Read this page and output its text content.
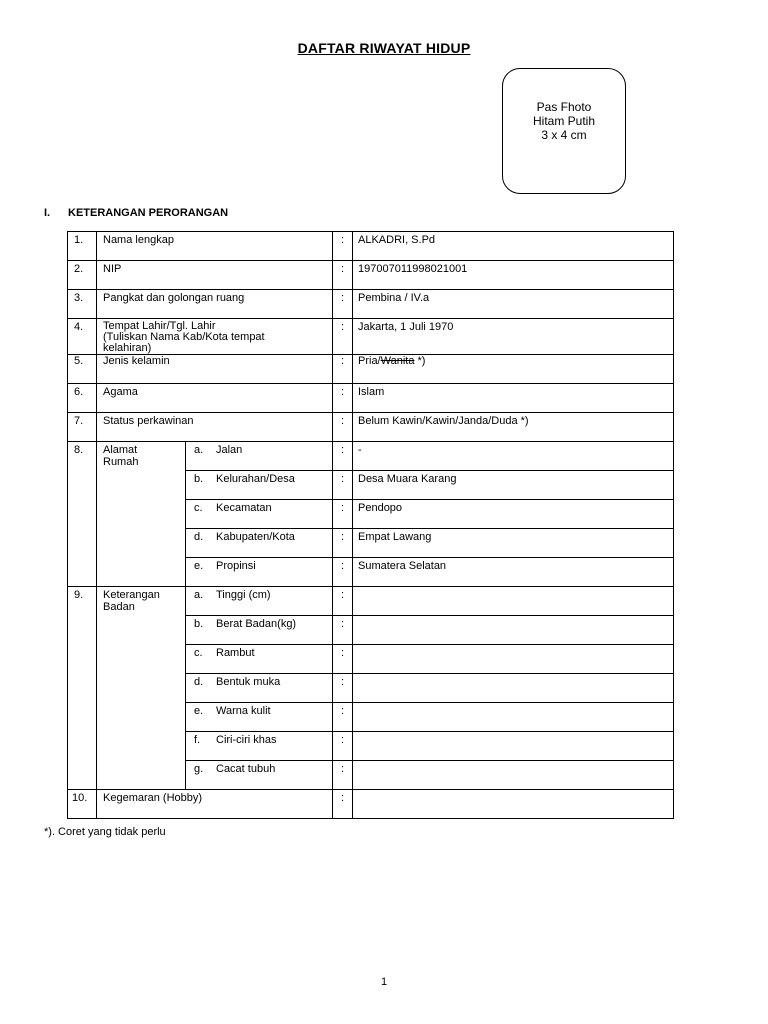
DAFTAR RIWAYAT HIDUP
Pas Fhoto
Hitam Putih
3 x 4 cm
I. KETERANGAN PERORANGAN
1.	Nama lengkap		:	ALKADRI, S.Pd

2.	NIP		:	197007011998021001

3.	Pangkat dan golongan ruang		:	Pembina / IV.a

4.	Tempat Lahir/Tgl. Lahir
(Tuliskan Nama Kab/Kota tempat
kelahiran)		:	Jakarta, 1 Juli 1970

5.	Jenis kelamin		:	Pria/Wanita *)

6.	Agama		:	Islam

7.	Status perkawinan		:	Belum Kawin/Kawin/Janda/Duda *)

8.	Alamat
Rumah	a. Jalan	:	-

		b. Kelurahan/Desa	:	Desa Muara Karang

		c. Kecamatan	:	Pendopo

		d. Kabupaten/Kota	:	Empat Lawang

		e. Propinsi	:	Sumatera Selatan

9.	Keterangan
Badan	a. Tinggi (cm)	:	

		b. Berat Badan(kg)	:	

		c. Rambut	:	

		d. Bentuk muka	:	

		e. Warna kulit	:	

		f. Ciri-ciri khas	:	

		g. Cacat tubuh	:	

10.	Kegemaran (Hobby)		:	

*). Coret yang tidak perlu
1
